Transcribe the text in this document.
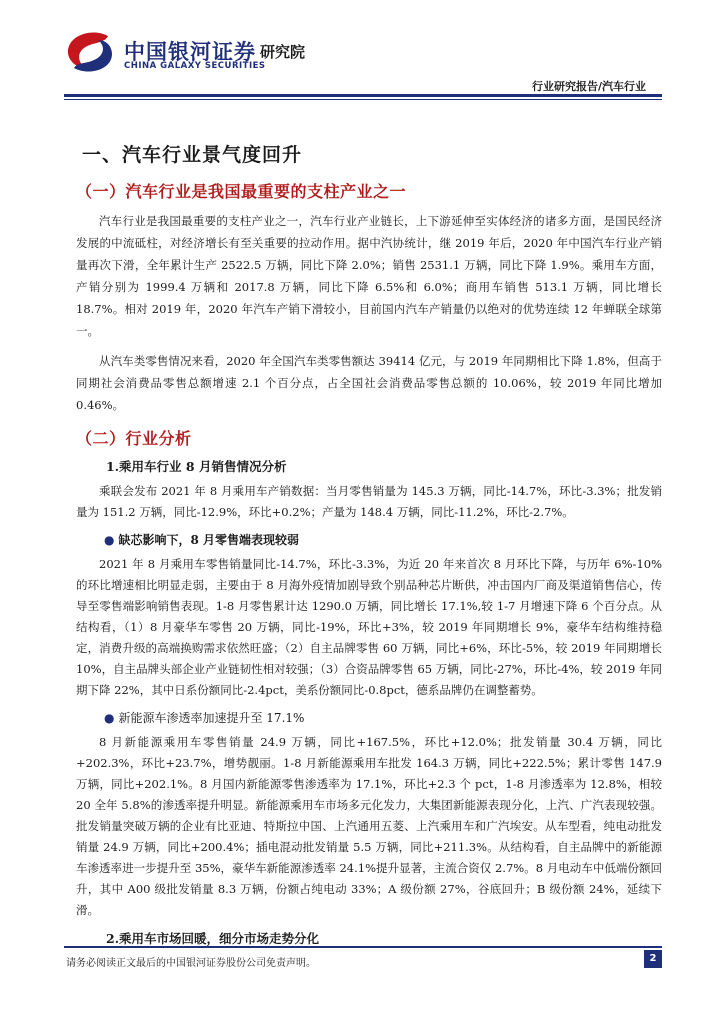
中国银河证券
CHINA GALAXY SECURITIES
研究院
行业研究报告/汽车行业
一、汽车行业景气度回升
（一）汽车行业是我国最重要的支柱产业之一

汽车行业是我国最重要的支柱产业之一，汽车行业产业链长，上下游延伸至实体经济的诸多方面，是国民经济发展的中流砥柱，对经济增长有至关重要的拉动作用。据中汽协统计，继 2019 年后，2020 年中国汽车行业产销量再次下滑，全年累计生产 2522.5 万辆，同比下降 2.0%；销售 2531.1 万辆，同比下降 1.9%。乘用车方面，产销分别为 1999.4 万辆和 2017.8 万辆，同比下降 6.5%和 6.0%；商用车销售 513.1 万辆，同比增长 18.7%。相对 2019 年，2020 年汽车产销下滑较小，目前国内汽车产销量仍以绝对的优势连续 12 年蝉联全球第一。

从汽车类零售情况来看，2020 年全国汽车类零售额达 39414 亿元，与 2019 年同期相比下降 1.8%，但高于同期社会消费品零售总额增速 2.1 个百分点，占全国社会消费品零售总额的 10.06%，较 2019 年同比增加 0.46%。

（二）行业分析
1.乘用车行业 8 月销售情况分析

乘联会发布 2021 年 8 月乘用车产销数据：当月零售销量为 145.3 万辆，同比-14.7%，环比-3.3%；批发销量为 151.2 万辆，同比-12.9%，环比+0.2%；产量为 148.4 万辆，同比-11.2%，环比-2.7%。

● 缺芯影响下，8 月零售端表现较弱

2021 年 8 月乘用车零售销量同比-14.7%，环比-3.3%，为近 20 年来首次 8 月环比下降，与历年 6%-10%的环比增速相比明显走弱，主要由于 8 月海外疫情加剧导致个别品种芯片断供，冲击国内厂商及渠道销售信心，传导至零售端影响销售表现。1-8 月零售累计达 1290.0 万辆，同比增长 17.1%,较 1-7 月增速下降 6 个百分点。从结构看，（1）8 月豪华车零售 20 万辆，同比-19%，环比+3%，较 2019 年同期增长 9%，豪华车结构维持稳定，消费升级的高端换购需求依然旺盛；（2）自主品牌零售 60 万辆，同比+6%，环比-5%，较 2019 年同期增长 10%，自主品牌头部企业产业链韧性相对较强；（3）合资品牌零售 65 万辆，同比-27%，环比-4%，较 2019 年同期下降 22%，其中日系份额同比-2.4pct，美系份额同比-0.8pct，德系品牌仍在调整蓄势。

● 新能源车渗透率加速提升至 17.1%

8 月新能源乘用车零售销量 24.9 万辆，同比+167.5%，环比+12.0%；批发销量 30.4 万辆，同比+202.3%，环比+23.7%，增势靓丽。1-8 月新能源乘用车批发 164.3 万辆，同比+222.5%；累计零售 147.9 万辆，同比+202.1%。8 月国内新能源零售渗透率为 17.1%，环比+2.3 个 pct，1-8 月渗透率为 12.8%，相较 20 全年 5.8%的渗透率提升明显。新能源乘用车市场多元化发力，大集团新能源表现分化，上汽、广汽表现较强。批发销量突破万辆的企业有比亚迪、特斯拉中国、上汽通用五菱、上汽乘用车和广汽埃安。从车型看，纯电动批发销量 24.9 万辆，同比+200.4%；插电混动批发销量 5.5 万辆，同比+211.3%。从结构看，自主品牌中的新能源车渗透率进一步提升至 35%，豪华车新能源渗透率 24.1%提升显著，主流合资仅 2.7%。8 月电动车中低端份额回升，其中 A00 级批发销量 8.3 万辆，份额占纯电动 33%；A 级份额 27%，谷底回升；B 级份额 24%，延续下滑。

2.乘用车市场回暖，细分市场走势分化
请务必阅读正文最后的中国银河证券股份公司免责声明。	2
